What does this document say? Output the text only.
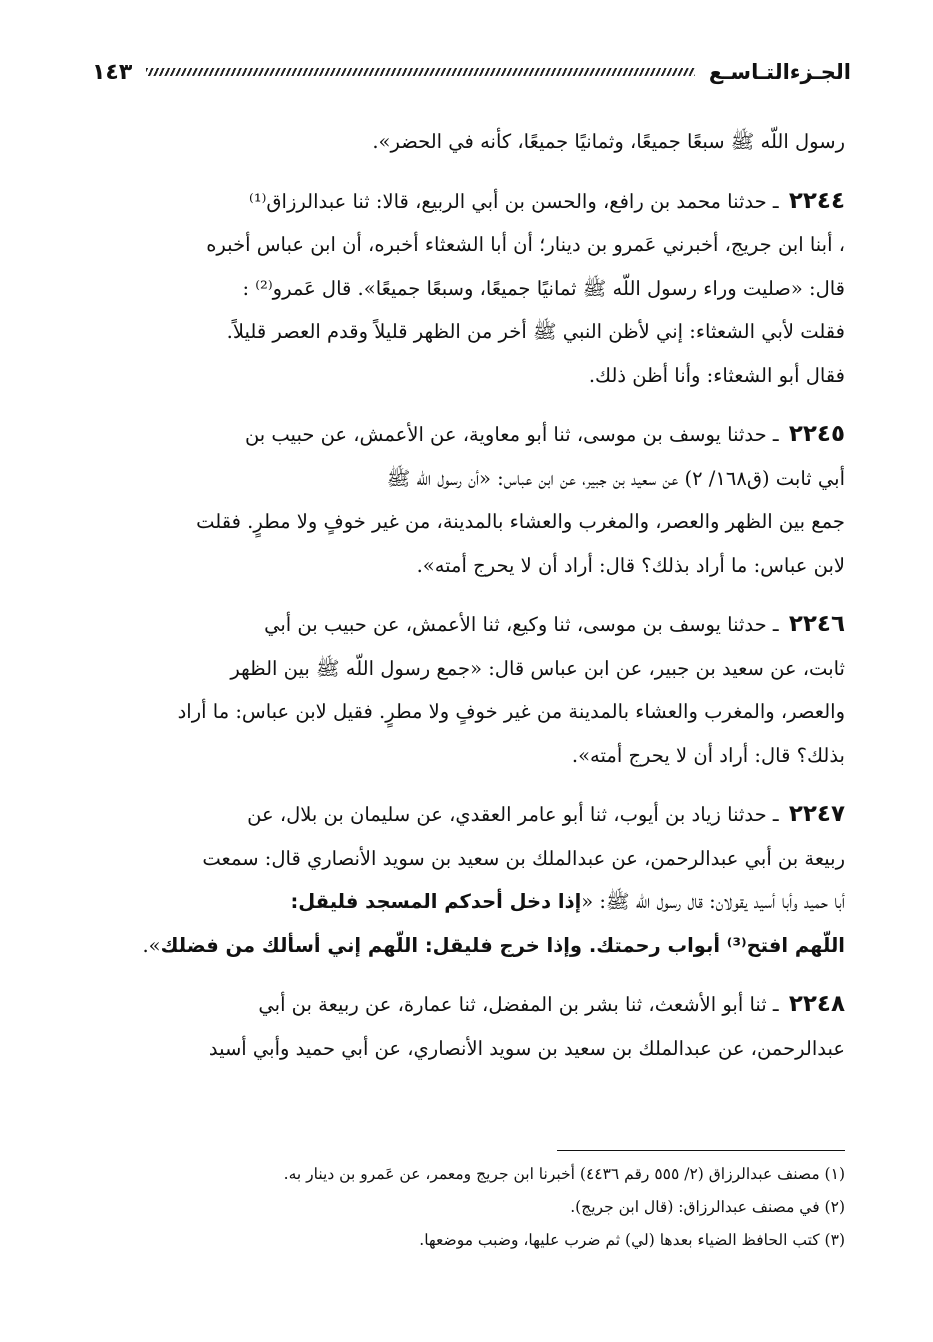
الجـزءالتـاسـع
١٤٣

رسول اللّه ﷺ سبعًا جميعًا، وثمانيًا جميعًا، كأنه في الحضر».

٢٢٤٤ ـ حدثنا محمد بن رافع، والحسن بن أبي الربيع، قالا: ثنا عبدالرزاق⁽¹⁾
، أبنا ابن جريج، أخبرني عَمرو بن دينار؛ أن أبا الشعثاء أخبره، أن ابن عباس أخبره
قال: «صليت وراء رسول اللّه ﷺ ثمانيًا جميعًا، وسبعًا جميعًا». قال عَمرو⁽²⁾ :
فقلت لأبي الشعثاء: إني لأظن النبي ﷺ أخر من الظهر قليلاً وقدم العصر قليلاً.
فقال أبو الشعثاء: وأنا أظن ذلك.

٢٢٤٥ ـ حدثنا يوسف بن موسى، ثنا أبو معاوية، عن الأعمش، عن حبيب بن
أبي ثابت (ق١٦٨/ ٢) عن سعيد بن جبير، عن ابن عباس: «أن رسول اللّه ﷺ
جمع بين الظهر والعصر، والمغرب والعشاء بالمدينة، من غير خوفٍ ولا مطرٍ. فقلت
لابن عباس: ما أراد بذلك؟ قال: أراد أن لا يحرج أمته».

٢٢٤٦ ـ حدثنا يوسف بن موسى، ثنا وكيع، ثنا الأعمش، عن حبيب بن أبي
ثابت، عن سعيد بن جبير، عن ابن عباس قال: «جمع رسول اللّه ﷺ بين الظهر
والعصر، والمغرب والعشاء بالمدينة من غير خوفٍ ولا مطرٍ. فقيل لابن عباس: ما أراد
بذلك؟ قال: أراد أن لا يحرج أمته».

٢٢٤٧ ـ حدثنا زياد بن أيوب، ثنا أبو عامر العقدي، عن سليمان بن بلال، عن
ربيعة بن أبي عبدالرحمن، عن عبدالملك بن سعيد بن سويد الأنصاري قال: سمعت
أبا حميد وأبا أسيد يقولان: قال رسول اللّه ﷺ: «إذا دخل أحدكم المسجد فليقل:
اللّهم افتح⁽³⁾ أبواب رحمتك. وإذا خرج فليقل: اللّهم إني أسألك من فضلك».

٢٢٤٨ ـ ثنا أبو الأشعث، ثنا بشر بن المفضل، ثنا عمارة، عن ربيعة بن أبي
عبدالرحمن، عن عبدالملك بن سعيد بن سويد الأنصاري، عن أبي حميد وأبي أسيد

(١) مصنف عبدالرزاق (٢/ ٥٥٥ رقم ٤٤٣٦) أخبرنا ابن جريج ومعمر، عن عَمرو بن دينار به.

(٢) في مصنف عبدالرزاق: (قال ابن جريج).

(٣) كتب الحافظ الضياء بعدها (لي) ثم ضرب عليها، وضبب موضعها.
